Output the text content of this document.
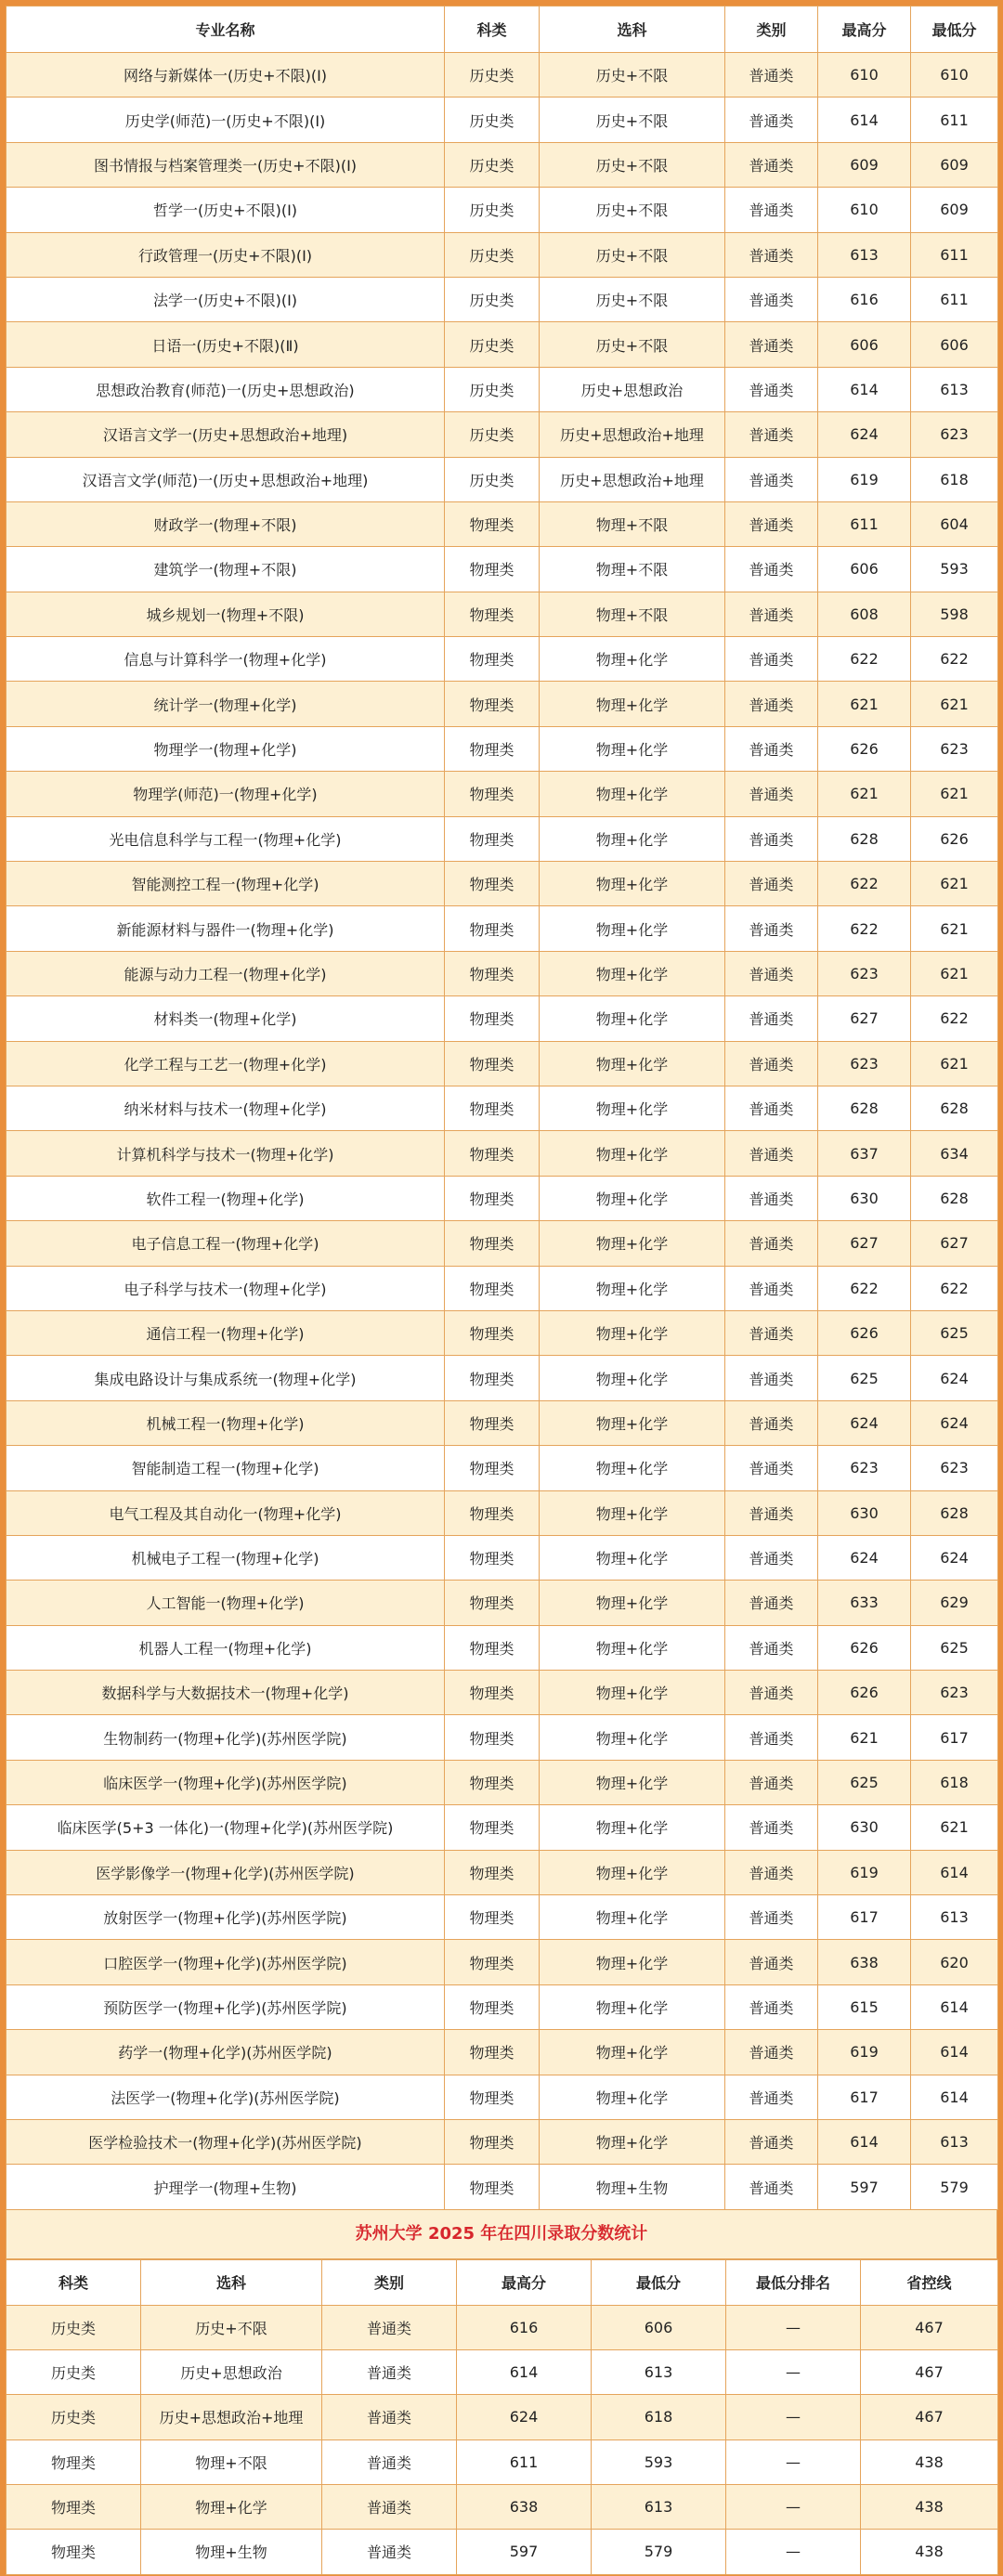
专业名称	科类	选科	类别	最高分	最低分
网络与新媒体一(历史+不限)(Ⅰ)	历史类	历史+不限	普通类	610	610
历史学(师范)一(历史+不限)(Ⅰ)	历史类	历史+不限	普通类	614	611
图书情报与档案管理类一(历史+不限)(Ⅰ)	历史类	历史+不限	普通类	609	609
哲学一(历史+不限)(Ⅰ)	历史类	历史+不限	普通类	610	609
行政管理一(历史+不限)(Ⅰ)	历史类	历史+不限	普通类	613	611
法学一(历史+不限)(Ⅰ)	历史类	历史+不限	普通类	616	611
日语一(历史+不限)(Ⅱ)	历史类	历史+不限	普通类	606	606
思想政治教育(师范)一(历史+思想政治)	历史类	历史+思想政治	普通类	614	613
汉语言文学一(历史+思想政治+地理)	历史类	历史+思想政治+地理	普通类	624	623
汉语言文学(师范)一(历史+思想政治+地理)	历史类	历史+思想政治+地理	普通类	619	618
财政学一(物理+不限)	物理类	物理+不限	普通类	611	604
建筑学一(物理+不限)	物理类	物理+不限	普通类	606	593
城乡规划一(物理+不限)	物理类	物理+不限	普通类	608	598
信息与计算科学一(物理+化学)	物理类	物理+化学	普通类	622	622
统计学一(物理+化学)	物理类	物理+化学	普通类	621	621
物理学一(物理+化学)	物理类	物理+化学	普通类	626	623
物理学(师范)一(物理+化学)	物理类	物理+化学	普通类	621	621
光电信息科学与工程一(物理+化学)	物理类	物理+化学	普通类	628	626
智能测控工程一(物理+化学)	物理类	物理+化学	普通类	622	621
新能源材料与器件一(物理+化学)	物理类	物理+化学	普通类	622	621
能源与动力工程一(物理+化学)	物理类	物理+化学	普通类	623	621
材料类一(物理+化学)	物理类	物理+化学	普通类	627	622
化学工程与工艺一(物理+化学)	物理类	物理+化学	普通类	623	621
纳米材料与技术一(物理+化学)	物理类	物理+化学	普通类	628	628
计算机科学与技术一(物理+化学)	物理类	物理+化学	普通类	637	634
软件工程一(物理+化学)	物理类	物理+化学	普通类	630	628
电子信息工程一(物理+化学)	物理类	物理+化学	普通类	627	627
电子科学与技术一(物理+化学)	物理类	物理+化学	普通类	622	622
通信工程一(物理+化学)	物理类	物理+化学	普通类	626	625
集成电路设计与集成系统一(物理+化学)	物理类	物理+化学	普通类	625	624
机械工程一(物理+化学)	物理类	物理+化学	普通类	624	624
智能制造工程一(物理+化学)	物理类	物理+化学	普通类	623	623
电气工程及其自动化一(物理+化学)	物理类	物理+化学	普通类	630	628
机械电子工程一(物理+化学)	物理类	物理+化学	普通类	624	624
人工智能一(物理+化学)	物理类	物理+化学	普通类	633	629
机器人工程一(物理+化学)	物理类	物理+化学	普通类	626	625
数据科学与大数据技术一(物理+化学)	物理类	物理+化学	普通类	626	623
生物制药一(物理+化学)(苏州医学院)	物理类	物理+化学	普通类	621	617
临床医学一(物理+化学)(苏州医学院)	物理类	物理+化学	普通类	625	618
临床医学(5+3 一体化)一(物理+化学)(苏州医学院)	物理类	物理+化学	普通类	630	621
医学影像学一(物理+化学)(苏州医学院)	物理类	物理+化学	普通类	619	614
放射医学一(物理+化学)(苏州医学院)	物理类	物理+化学	普通类	617	613
口腔医学一(物理+化学)(苏州医学院)	物理类	物理+化学	普通类	638	620
预防医学一(物理+化学)(苏州医学院)	物理类	物理+化学	普通类	615	614
药学一(物理+化学)(苏州医学院)	物理类	物理+化学	普通类	619	614
法医学一(物理+化学)(苏州医学院)	物理类	物理+化学	普通类	617	614
医学检验技术一(物理+化学)(苏州医学院)	物理类	物理+化学	普通类	614	613
护理学一(物理+生物)	物理类	物理+生物	普通类	597	579
苏州大学 2025 年在四川录取分数统计
科类	选科	类别	最高分	最低分	最低分排名	省控线
历史类	历史+不限	普通类	616	606	—	467
历史类	历史+思想政治	普通类	614	613	—	467
历史类	历史+思想政治+地理	普通类	624	618	—	467
物理类	物理+不限	普通类	611	593	—	438
物理类	物理+化学	普通类	638	613	—	438
物理类	物理+生物	普通类	597	579	—	438
